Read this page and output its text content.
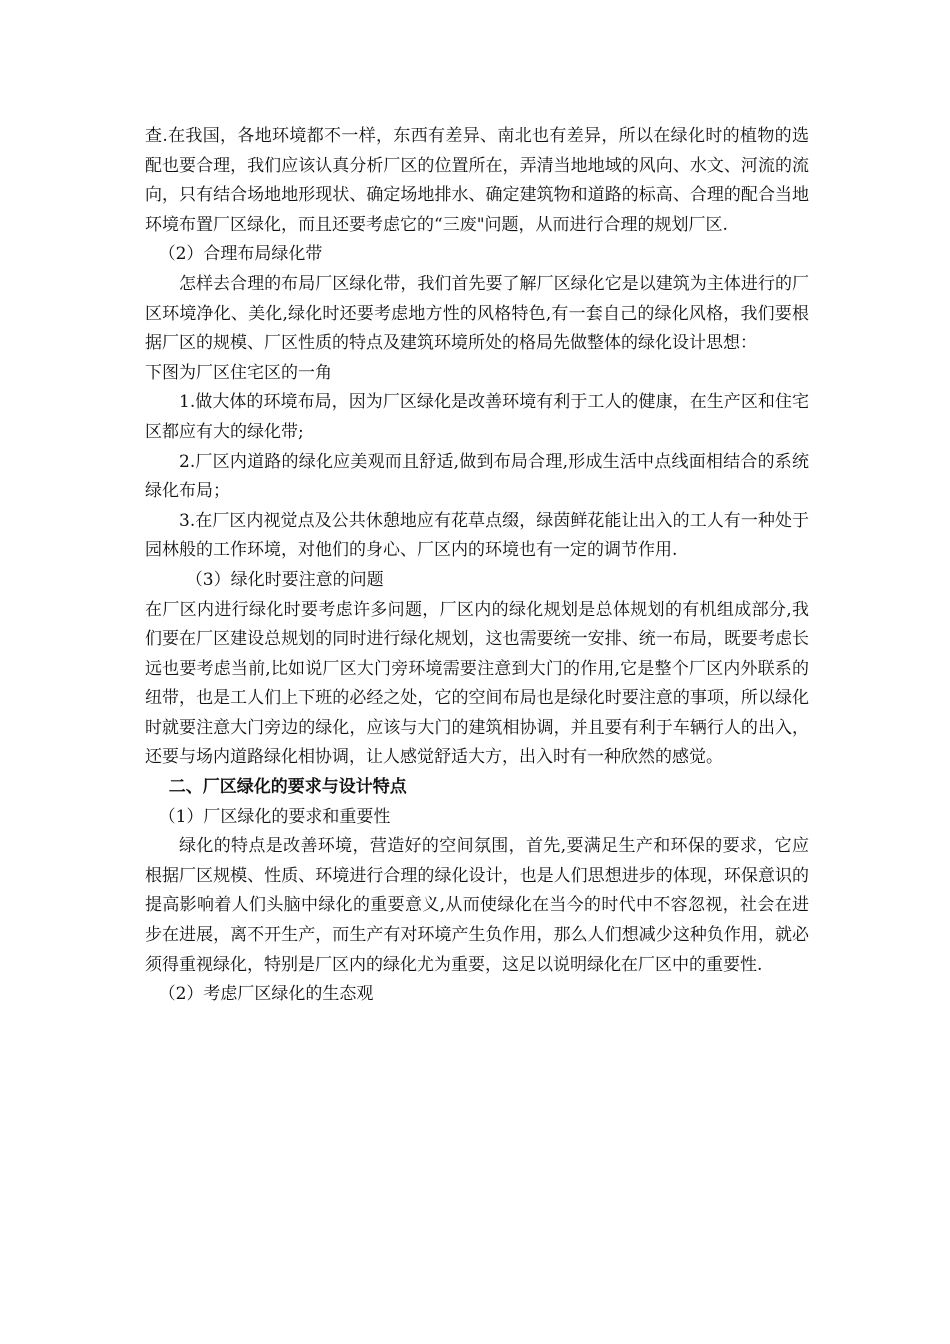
查.在我国，各地环境都不一样，东西有差异、南北也有差异，所以在绿化时的植物的选配也要合理，我们应该认真分析厂区的位置所在，弄清当地地域的风向、水文、河流的流向，只有结合场地地形现状、确定场地排水、确定建筑物和道路的标高、合理的配合当地环境布置厂区绿化，而且还要考虑它的“三废"问题，从而进行合理的规划厂区.

（2）合理布局绿化带

怎样去合理的布局厂区绿化带，我们首先要了解厂区绿化它是以建筑为主体进行的厂区环境净化、美化,绿化时还要考虑地方性的风格特色,有一套自己的绿化风格，我们要根据厂区的规模、厂区性质的特点及建筑环境所处的格局先做整体的绿化设计思想：

下图为厂区住宅区的一角

1.做大体的环境布局，因为厂区绿化是改善环境有利于工人的健康，在生产区和住宅区都应有大的绿化带;

2.厂区内道路的绿化应美观而且舒适,做到布局合理,形成生活中点线面相结合的系统绿化布局；

3.在厂区内视觉点及公共休憩地应有花草点缀，绿茵鲜花能让出入的工人有一种处于园林般的工作环境，对他们的身心、厂区内的环境也有一定的调节作用.

（3）绿化时要注意的问题

在厂区内进行绿化时要考虑许多问题，厂区内的绿化规划是总体规划的有机组成部分,我们要在厂区建设总规划的同时进行绿化规划，这也需要统一安排、统一布局，既要考虑长远也要考虑当前,比如说厂区大门旁环境需要注意到大门的作用,它是整个厂区内外联系的纽带，也是工人们上下班的必经之处，它的空间布局也是绿化时要注意的事项，所以绿化时就要注意大门旁边的绿化，应该与大门的建筑相协调，并且要有利于车辆行人的出入，还要与场内道路绿化相协调，让人感觉舒适大方，出入时有一种欣然的感觉。

二、厂区绿化的要求与设计特点

（1）厂区绿化的要求和重要性

绿化的特点是改善环境，营造好的空间氛围，首先,要满足生产和环保的要求，它应根据厂区规模、性质、环境进行合理的绿化设计，也是人们思想进步的体现，环保意识的提高影响着人们头脑中绿化的重要意义,从而使绿化在当今的时代中不容忽视，社会在进步在进展，离不开生产，而生产有对环境产生负作用，那么人们想减少这种负作用，就必须得重视绿化，特别是厂区内的绿化尤为重要，这足以说明绿化在厂区中的重要性.

（2）考虑厂区绿化的生态观
